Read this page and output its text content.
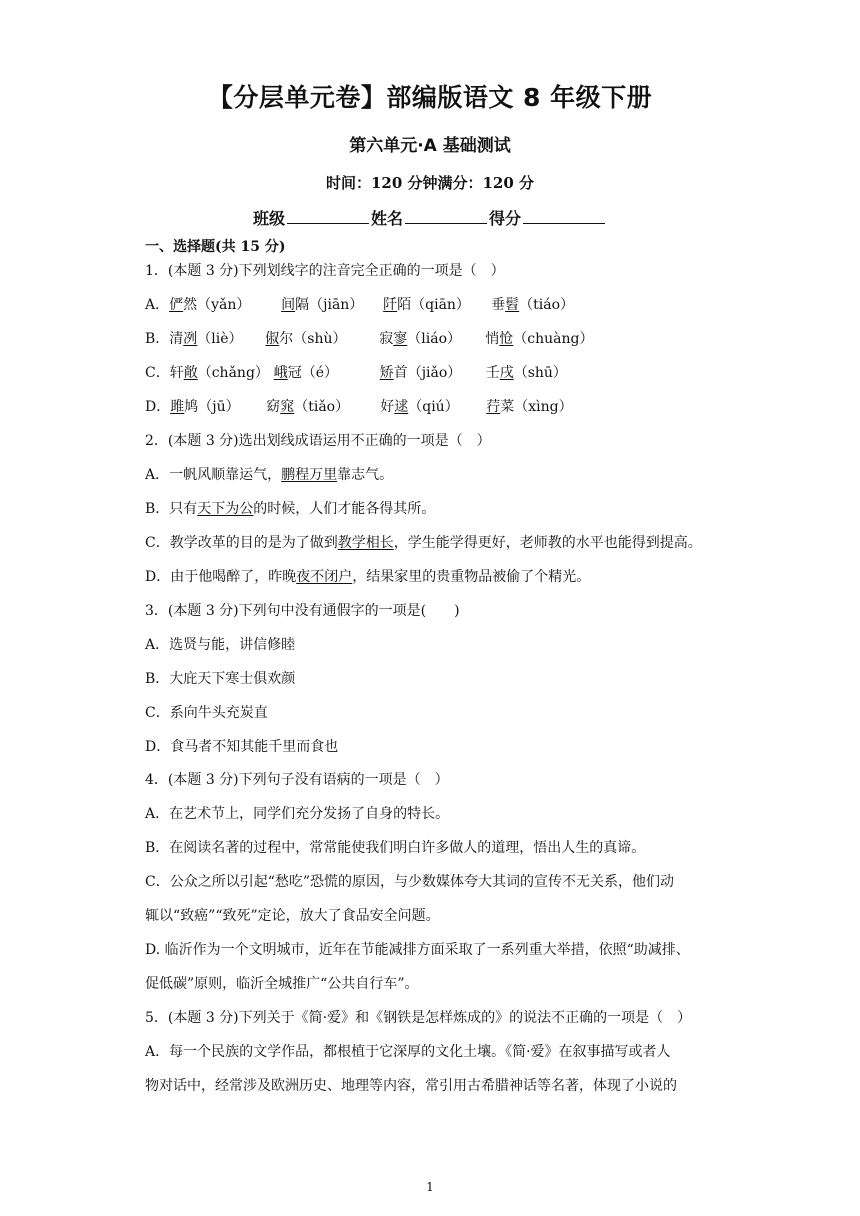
【分层单元卷】部编版语文 8 年级下册
第六单元·A 基础测试
时间：120 分钟满分：120 分
班级	姓名	得分
一、选择题(共 15 分)
1．(本题 3 分)下列划线字的注音完全正确的一项是（　）
A．俨然（yǎn） 间隔（jiān） 阡陌（qiān） 垂髫（tiáo）
B．清冽（liè） 俶尔（shù） 寂寥（liáo） 悄怆（chuàng）
C．轩敞（chǎng） 峨冠（é）	矫首（jiǎo） 壬戌（shū）
D．雎鸠（jū） 窈窕（tiǎo） 好逑（qiú） 荇菜（xìng）
2．(本题 3 分)选出划线成语运用不正确的一项是（　）
A．一帆风顺靠运气，鹏程万里靠志气。
B．只有天下为公的时候，人们才能各得其所。
C．教学改革的目的是为了做到教学相长，学生能学得更好，老师教的水平也能得到提高。
D．由于他喝醉了，昨晚夜不闭户，结果家里的贵重物品被偷了个精光。
3．(本题 3 分)下列句中没有通假字的一项是(　　)
A．选贤与能，讲信修睦
B．大庇天下寒士俱欢颜
C．系向牛头充炭直
D．食马者不知其能千里而食也
4．(本题 3 分)下列句子没有语病的一项是（　）
A．在艺术节上，同学们充分发扬了自身的特长。
B．在阅读名著的过程中，常常能使我们明白许多做人的道理，悟出人生的真谛。
C．公众之所以引起“愁吃”恐慌的原因，与少数媒体夸大其词的宣传不无关系，他们动
辄以“致癌”“致死”定论，放大了食品安全问题。
D. 临沂作为一个文明城市，近年在节能减排方面采取了一系列重大举措，依照“助减排、
促低碳”原则，临沂全城推广“公共自行车”。
5．(本题 3 分)下列关于《简·爱》和《钢铁是怎样炼成的》的说法不正确的一项是（　）
A．每一个民族的文学作品，都根植于它深厚的文化土壤。《简·爱》在叙事描写或者人
物对话中，经常涉及欧洲历史、地理等内容，常引用古希腊神话等名著，体现了小说的
1
